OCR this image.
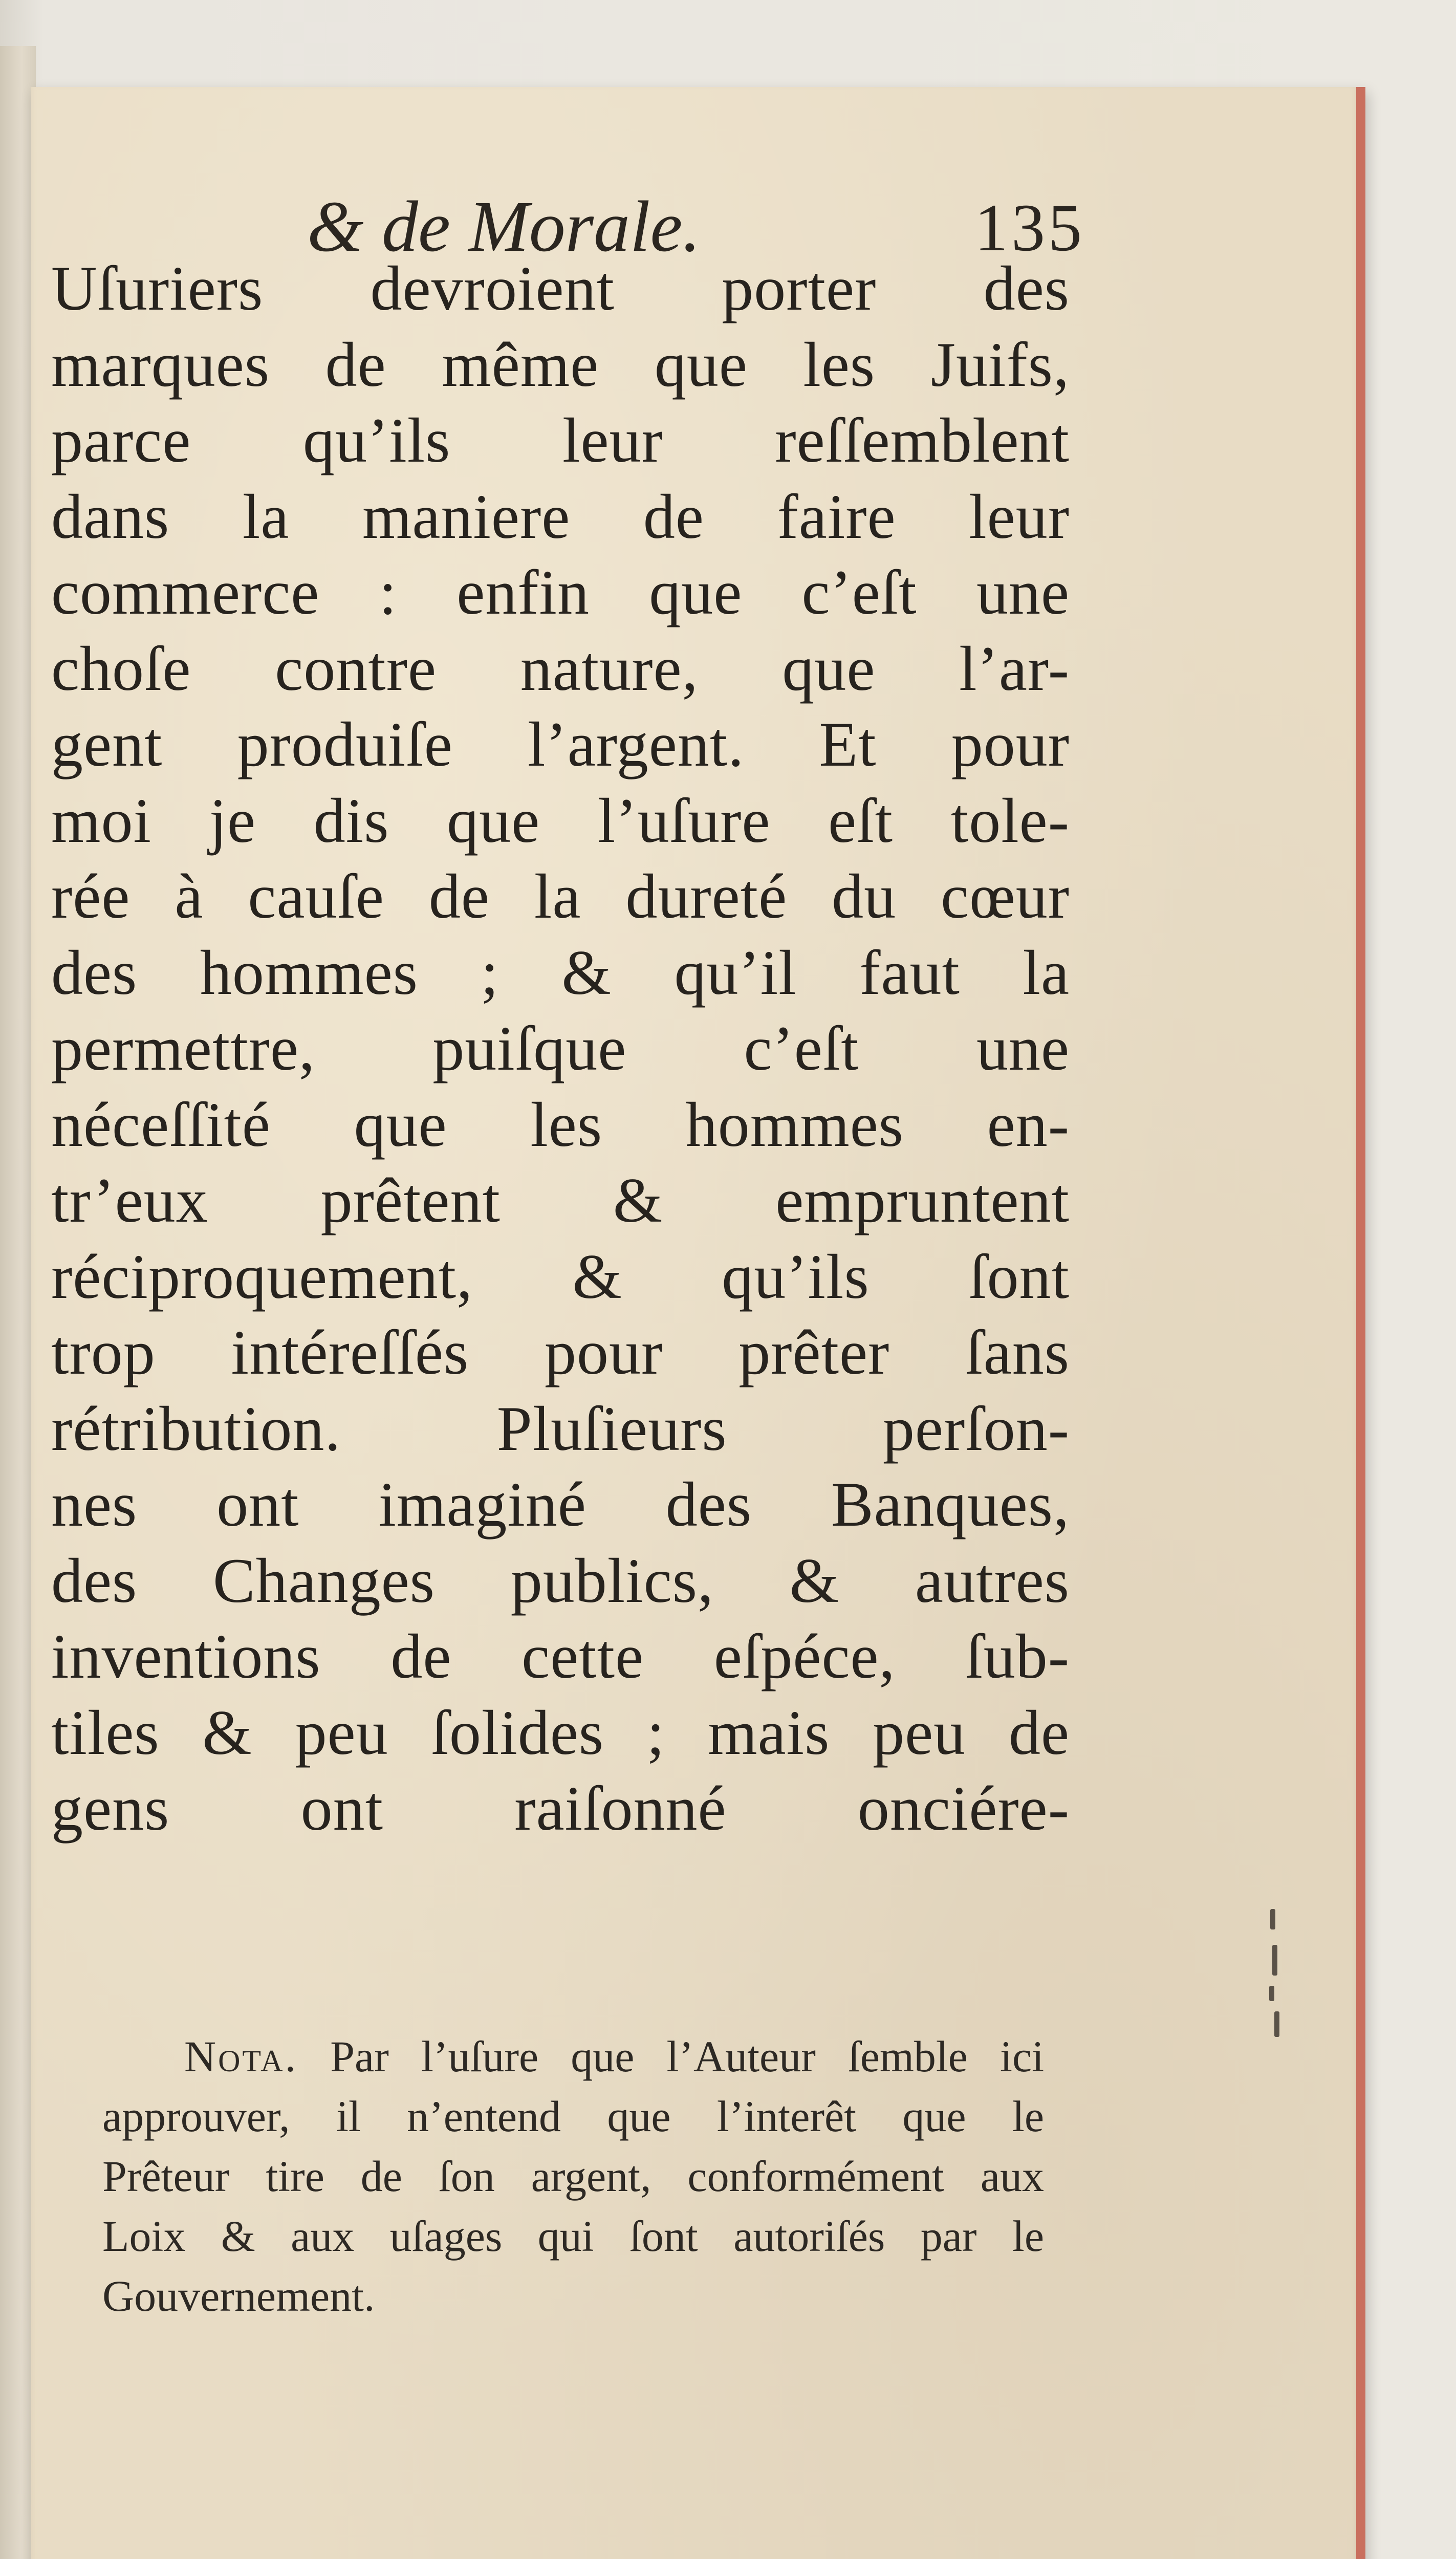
& de Morale.	135
Uſuriers devroient porter des
marques de même que les Juifs,
parce qu’ils leur reſſemblent
dans la maniere de faire leur
commerce : enfin que c’eſt une
choſe contre nature, que l’ar-
gent produiſe l’argent. Et pour
moi je dis que l’uſure eſt tole-
rée à cauſe de la dureté du cœur
des hommes ; & qu’il faut la
permettre, puiſque c’eſt une
néceſſité que les hommes en-
tr’eux prêtent & empruntent
réciproquement, & qu’ils ſont
trop intéreſſés pour prêter ſans
rétribution. Pluſieurs perſon-
nes ont imaginé des Banques,
des Changes publics, & autres
inventions de cette eſpéce, ſub-
tiles & peu ſolides ; mais peu de
gens ont raiſonné onciére-
Nota. Par l’uſure que l’Auteur ſemble ici
approuver, il n’entend que l’interêt que le
Prêteur tire de ſon argent, conformément aux
Loix & aux uſages qui ſont autoriſés par le
Gouvernement.
